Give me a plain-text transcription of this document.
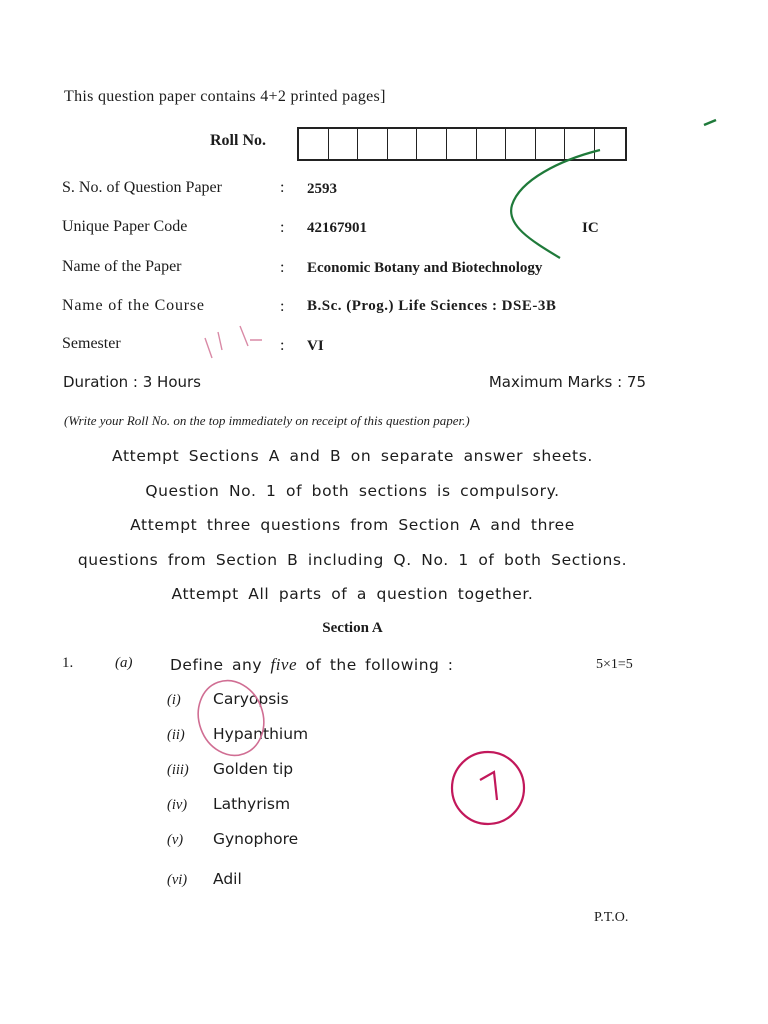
This question paper contains 4+2 printed pages]
Roll No.
S. No. of Question Paper	: 2593
Unique Paper Code	: 42167901	IC
Name of the Paper	: Economic Botany and Biotechnology
Name of the Course	: B.Sc. (Prog.) Life Sciences : DSE-3B
Semester	: VI
Duration : 3 Hours	Maximum Marks : 75
(Write your Roll No. on the top immediately on receipt of this question paper.)
Attempt Sections A and B on separate answer sheets.
Question No. 1 of both sections is compulsory.
Attempt three questions from Section A and three
questions from Section B including Q. No. 1 of both Sections.
Attempt All parts of a question together.
Section A
1.	(a) Define any five of the following :	5×1=5
(i) Caryopsis
(ii) Hypanthium
(iii) Golden tip
(iv) Lathyrism
(v) Gynophore
(vi) Adil
P.T.O.
